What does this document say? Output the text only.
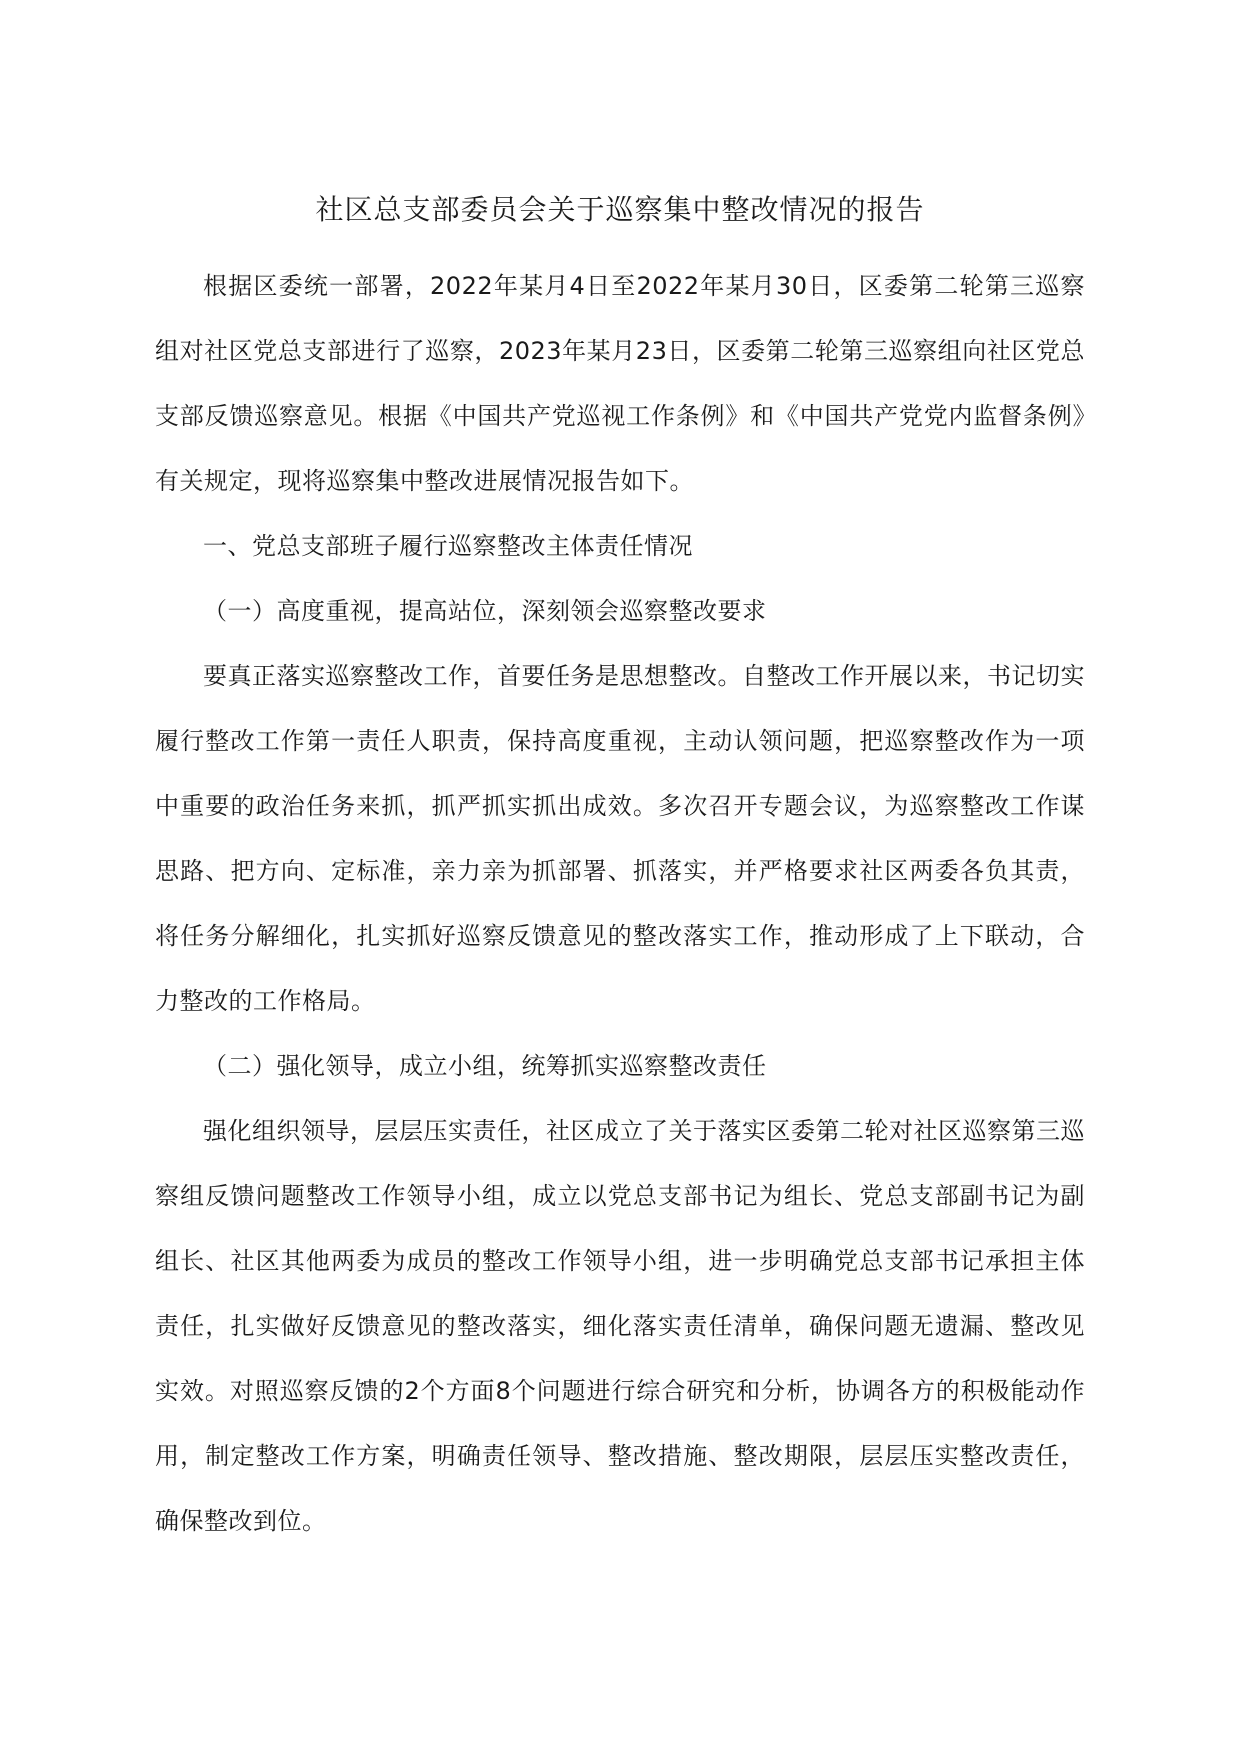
社区总支部委员会关于巡察集中整改情况的报告

根据区委统一部署，2022年某月4日至2022年某月30日，区委第二轮第三巡察组对社区党总支部进行了巡察，2023年某月23日，区委第二轮第三巡察组向社区党总支部反馈巡察意见。根据《中国共产党巡视工作条例》和《中国共产党党内监督条例》有关规定，现将巡察集中整改进展情况报告如下。

一、党总支部班子履行巡察整改主体责任情况

（一）高度重视，提高站位，深刻领会巡察整改要求

要真正落实巡察整改工作，首要任务是思想整改。自整改工作开展以来，书记切实履行整改工作第一责任人职责，保持高度重视，主动认领问题，把巡察整改作为一项中重要的政治任务来抓，抓严抓实抓出成效。多次召开专题会议，为巡察整改工作谋思路、把方向、定标准，亲力亲为抓部署、抓落实，并严格要求社区两委各负其责，将任务分解细化，扎实抓好巡察反馈意见的整改落实工作，推动形成了上下联动，合力整改的工作格局。

（二）强化领导，成立小组，统筹抓实巡察整改责任

强化组织领导，层层压实责任，社区成立了关于落实区委第二轮对社区巡察第三巡察组反馈问题整改工作领导小组，成立以党总支部书记为组长、党总支部副书记为副组长、社区其他两委为成员的整改工作领导小组，进一步明确党总支部书记承担主体责任，扎实做好反馈意见的整改落实，细化落实责任清单，确保问题无遗漏、整改见实效。对照巡察反馈的2个方面8个问题进行综合研究和分析，协调各方的积极能动作用，制定整改工作方案，明确责任领导、整改措施、整改期限，层层压实整改责任，确保整改到位。
